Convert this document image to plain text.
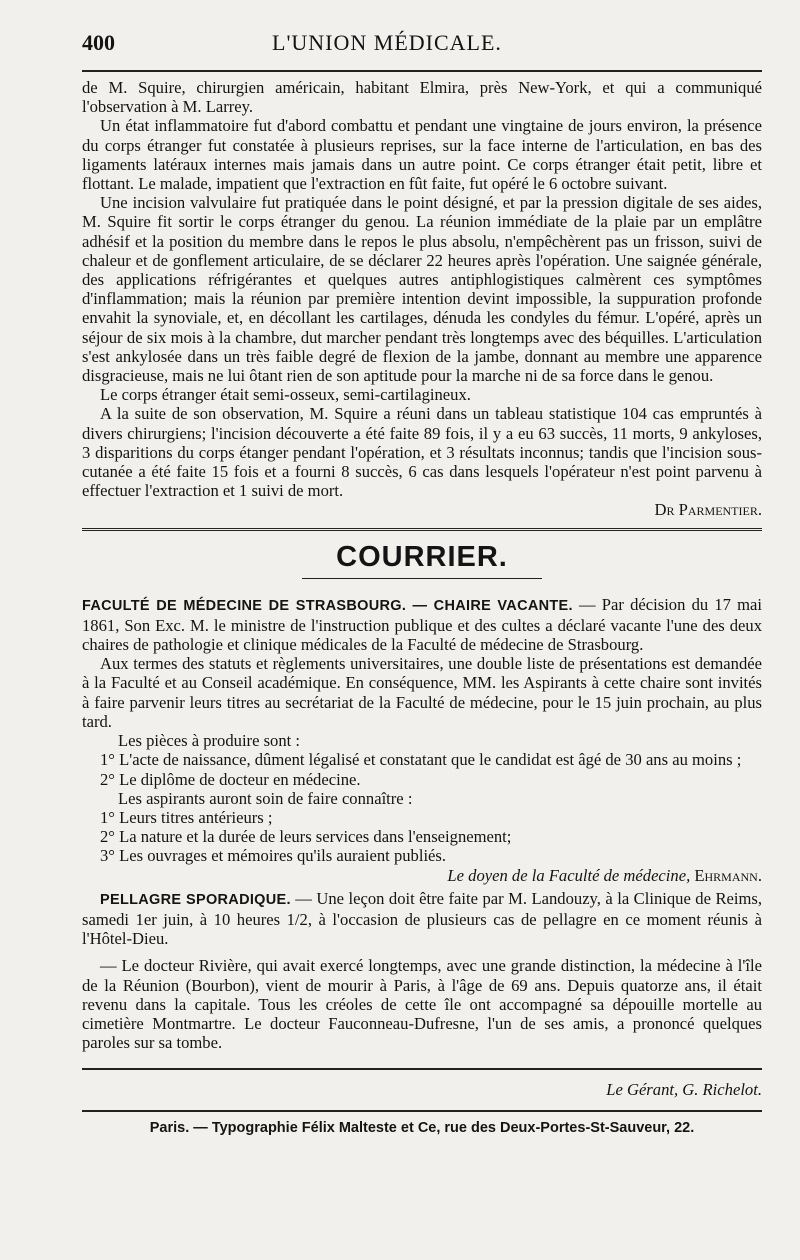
400	L'UNION MÉDICALE.

de M. Squire, chirurgien américain, habitant Elmira, près New-York, et qui a communiqué l'observation à M. Larrey.

Un état inflammatoire fut d'abord combattu et pendant une vingtaine de jours environ, la présence du corps étranger fut constatée à plusieurs reprises, sur la face interne de l'articulation, en bas des ligaments latéraux internes mais jamais dans un autre point. Ce corps étranger était petit, libre et flottant. Le malade, impatient que l'extraction en fût faite, fut opéré le 6 octobre suivant.

Une incision valvulaire fut pratiquée dans le point désigné, et par la pression digitale de ses aides, M. Squire fit sortir le corps étranger du genou. La réunion immédiate de la plaie par un emplâtre adhésif et la position du membre dans le repos le plus absolu, n'empêchèrent pas un frisson, suivi de chaleur et de gonflement articulaire, de se déclarer 22 heures après l'opération. Une saignée générale, des applications réfrigérantes et quelques autres antiphlogistiques calmèrent ces symptômes d'inflammation; mais la réunion par première intention devint impossible, la suppuration profonde envahit la synoviale, et, en décollant les cartilages, dénuda les condyles du fémur. L'opéré, après un séjour de six mois à la chambre, dut marcher pendant très longtemps avec des béquilles. L'articulation s'est ankylosée dans un très faible degré de flexion de la jambe, donnant au membre une apparence disgracieuse, mais ne lui ôtant rien de son aptitude pour la marche ni de sa force dans le genou.

Le corps étranger était semi-osseux, semi-cartilagineux.

A la suite de son observation, M. Squire a réuni dans un tableau statistique 104 cas empruntés à divers chirurgiens; l'incision découverte a été faite 89 fois, il y a eu 63 succès, 11 morts, 9 ankyloses, 3 disparitions du corps étanger pendant l'opération, et 3 résultats inconnus; tandis que l'incision sous-cutanée a été faite 15 fois et a fourni 8 succès, 6 cas dans lesquels l'opérateur n'est point parvenu à effectuer l'extraction et 1 suivi de mort.

Dr Parmentier.
COURRIER.

FACULTÉ DE MÉDECINE DE STRASBOURG. — CHAIRE VACANTE. — Par décision du 17 mai 1861, Son Exc. M. le ministre de l'instruction publique et des cultes a déclaré vacante l'une des deux chaires de pathologie et clinique médicales de la Faculté de médecine de Strasbourg.

Aux termes des statuts et règlements universitaires, une double liste de présentations est demandée à la Faculté et au Conseil académique. En conséquence, MM. les Aspirants à cette chaire sont invités à faire parvenir leurs titres au secrétariat de la Faculté de médecine, pour le 15 juin prochain, au plus tard.

Les pièces à produire sont :

1° L'acte de naissance, dûment légalisé et constatant que le candidat est âgé de 30 ans au moins ;

2° Le diplôme de docteur en médecine.

Les aspirants auront soin de faire connaître :

1° Leurs titres antérieurs ;

2° La nature et la durée de leurs services dans l'enseignement;

3° Les ouvrages et mémoires qu'ils auraient publiés.

Le doyen de la Faculté de médecine, Ehrmann.

PELLAGRE SPORADIQUE. — Une leçon doit être faite par M. Landouzy, à la Clinique de Reims, samedi 1er juin, à 10 heures 1/2, à l'occasion de plusieurs cas de pellagre en ce moment réunis à l'Hôtel-Dieu.

— Le docteur Rivière, qui avait exercé longtemps, avec une grande distinction, la médecine à l'île de la Réunion (Bourbon), vient de mourir à Paris, à l'âge de 69 ans. Depuis quatorze ans, il était revenu dans la capitale. Tous les créoles de cette île ont accompagné sa dépouille mortelle au cimetière Montmartre. Le docteur Fauconneau-Dufresne, l'un de ses amis, a prononcé quelques paroles sur sa tombe.

Le Gérant, G. Richelot.
Paris. — Typographie Félix Malteste et Ce, rue des Deux-Portes-St-Sauveur, 22.
